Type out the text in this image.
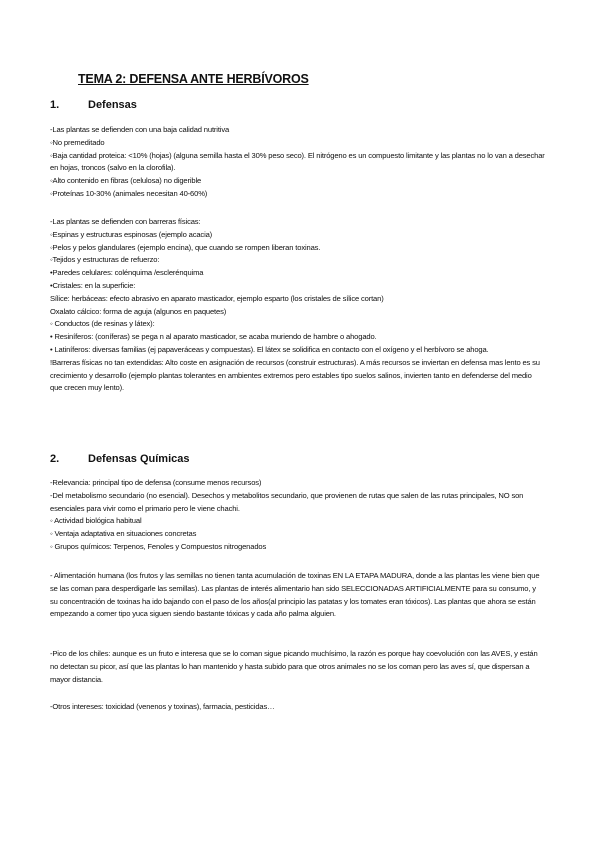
TEMA 2: DEFENSA ANTE HERBÍVOROS
1.	Defensas

-Las plantas se defienden con una baja calidad nutritiva

◦No premeditado

◦Baja cantidad proteica: <10% (hojas) (alguna semilla hasta el 30% peso seco). El nitrógeno es un compuesto limitante y las plantas no lo van a desechar en hojas, troncos (salvo en la clorofila).

◦Alto contenido en fibras (celulosa) no digerible

◦Proteínas 10-30% (animales necesitan 40-60%)

-Las plantas se defienden con barreras físicas:

◦Espinas y estructuras espinosas (ejemplo acacia)

◦Pelos y pelos glandulares (ejemplo encina), que cuando se rompen liberan toxinas.

◦Tejidos y estructuras de refuerzo:

•Paredes celulares: colénquima /esclerénquima

•Cristales: en la superficie:

Sílice: herbáceas: efecto abrasivo en aparato masticador, ejemplo esparto (los cristales de sílice cortan)

Oxalato cálcico: forma de aguja (algunos en paquetes)

◦ Conductos (de resinas y látex):

• Resiníferos: (coníferas) se pega n al aparato masticador, se acaba muriendo de hambre o ahogado.

• Latiníferos: diversas familias (ej papaveráceas y compuestas). El látex se solidifica en contacto con el oxígeno y el herbívoro se ahoga.

!Barreras físicas no tan extendidas: Alto coste en asignación de recursos (construir estructuras). A más recursos se inviertan en defensa mas lento es su crecimiento y desarrollo (ejemplo plantas tolerantes en ambientes extremos pero estables tipo suelos salinos, invierten tanto en defenderse del medio que crecen muy lento).

2.	Defensas Químicas

-Relevancia: principal tipo de defensa (consume menos recursos)

-Del metabolismo secundario (no esencial). Desechos y metabolitos secundario, que provienen de rutas que salen de las rutas principales, NO son esenciales para vivir como el primario pero le viene chachi.

◦ Actividad biológica habitual

◦ Ventaja adaptativa en situaciones concretas

◦ Grupos químicos: Terpenos, Fenoles y Compuestos nitrogenados

- Alimentación humana (los frutos y las semillas no tienen tanta acumulación de toxinas EN LA ETAPA MADURA, donde a las plantas les viene bien que se las coman para desperdigarle las semillas). Las plantas de interés alimentario han sido SELECCIONADAS ARTIFICIALMENTE para su consumo, y su concentración de toxinas ha ido bajando con el paso de los años(al principio las patatas y los tomates eran tóxicos). Las plantas que ahora se están empezando a comer tipo yuca siguen siendo bastante tóxicas y cada año palma alguien.

-Pico de los chiles: aunque es un fruto e interesa que se lo coman sigue picando muchísimo, la razón es porque hay coevolución con las AVES, y están no detectan su picor, así que las plantas lo han mantenido y hasta subido para que otros animales no se los coman pero las aves sí, que dispersan a mayor distancia.

-Otros intereses: toxicidad (venenos y toxinas), farmacia, pesticidas…
